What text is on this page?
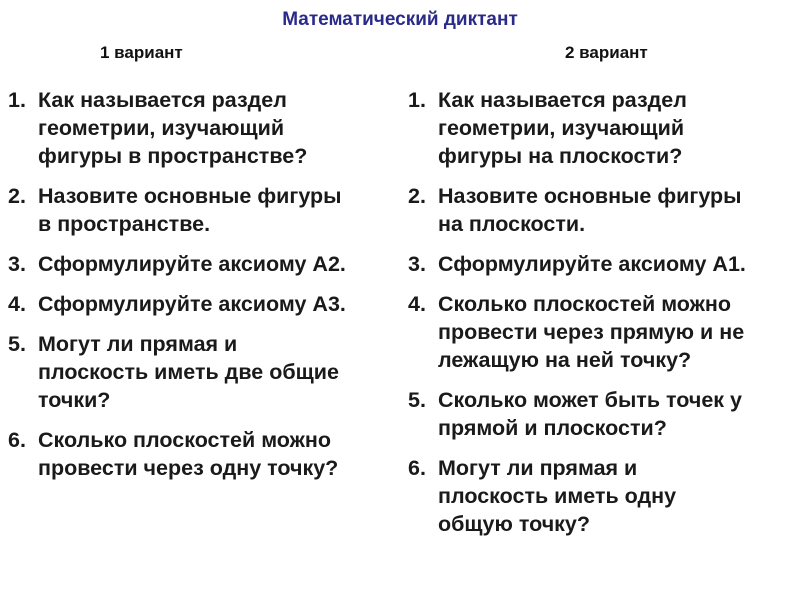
Математический диктант
1 вариант	2 вариант
1. Как называется раздел
геометрии, изучающий
фигуры в пространстве?
2. Назовите основные фигуры
в пространстве.
3. Сформулируйте аксиому А2.
4. Сформулируйте аксиому А3.
5. Могут ли прямая и
плоскость иметь две общие
точки?
6. Сколько плоскостей можно
провести через одну точку?
1. Как называется раздел
геометрии, изучающий
фигуры на плоскости?
2. Назовите основные фигуры
на плоскости.
3. Сформулируйте аксиому А1.
4. Сколько плоскостей можно
провести через прямую и не
лежащую на ней точку?
5. Сколько может быть точек у
прямой и плоскости?
6. Могут ли прямая и
плоскость иметь одну
общую точку?
